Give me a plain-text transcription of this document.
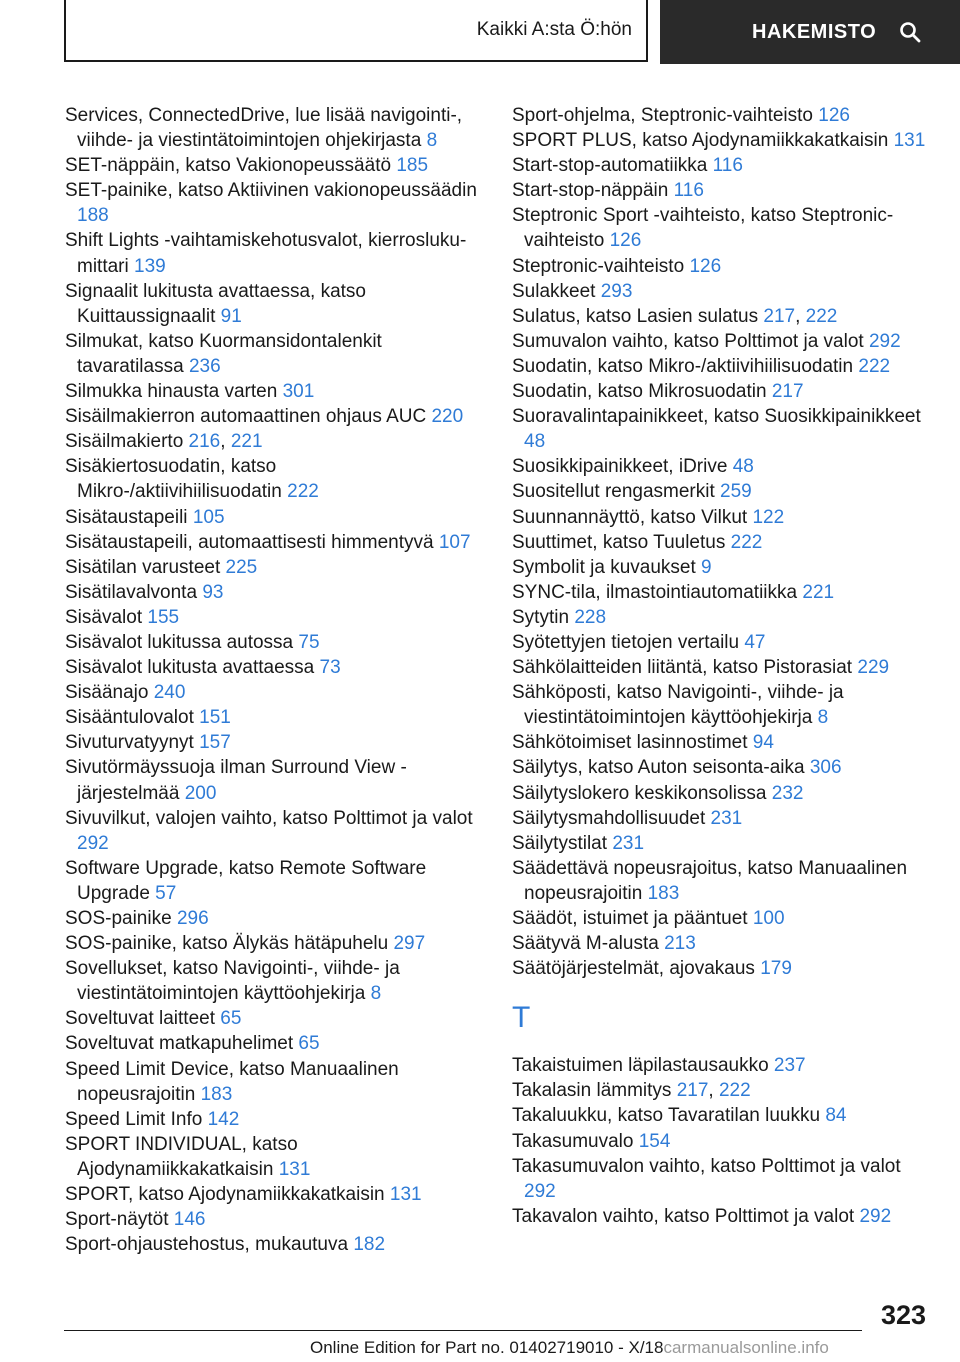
Kaikki A:sta Ö:hön	HAKEMISTO

Services, ConnectedDrive, lue lisää navigointi-, viihde- ja viestintätoimintojen ohjekirjasta 8

SET-näppäin, katso Vakionopeussäätö 185

SET-painike, katso Aktiivinen vakionopeussäädin 188

Shift Lights -vaihtamiskehotusvalot, kierrosluku-mittari 139

Signaalit lukitusta avattaessa, katso Kuittaussignaalit 91

Silmukat, katso Kuormansidontalenkit tavaratilassa 236

Silmukka hinausta varten 301

Sisäilmakierron automaattinen ohjaus AUC 220

Sisäilmakierto 216, 221

Sisäkiertosuodatin, katso Mikro-/aktiivihiilisuodatin 222

Sisätaustapeili 105

Sisätaustapeili, automaattisesti himmentyvä 107

Sisätilan varusteet 225

Sisätilavalvonta 93

Sisävalot 155

Sisävalot lukitussa autossa 75

Sisävalot lukitusta avattaessa 73

Sisäänajo 240

Sisääntulovalot 151

Sivuturvatyynyt 157

Sivutörmäyssuoja ilman Surround View -järjestelmää 200

Sivuvilkut, valojen vaihto, katso Polttimot ja valot 292

Software Upgrade, katso Remote Software Upgrade 57

SOS-painike 296

SOS-painike, katso Älykäs hätäpuhelu 297

Sovellukset, katso Navigointi-, viihde- ja viestintätoimintojen käyttöohjekirja 8

Soveltuvat laitteet 65

Soveltuvat matkapuhelimet 65

Speed Limit Device, katso Manuaalinen nopeusrajoitin 183

Speed Limit Info 142

SPORT INDIVIDUAL, katso Ajodynamiikkakatkaisin 131

SPORT, katso Ajodynamiikkakatkaisin 131

Sport-näytöt 146

Sport-ohjaustehostus, mukautuva 182

Sport-ohjelma, Steptronic-vaihteisto 126

SPORT PLUS, katso Ajodynamiikkakatkaisin 131

Start-stop-automatiikka 116

Start-stop-näppäin 116

Steptronic Sport -vaihteisto, katso Steptronic-vaihteisto 126

Steptronic-vaihteisto 126

Sulakkeet 293

Sulatus, katso Lasien sulatus 217, 222

Sumuvalon vaihto, katso Polttimot ja valot 292

Suodatin, katso Mikro-/aktiivihiilisuodatin 222

Suodatin, katso Mikrosuodatin 217

Suoravalintapainikkeet, katso Suosikkipainikkeet 48

Suosikkipainikkeet, iDrive 48

Suositellut rengasmerkit 259

Suunnannäyttö, katso Vilkut 122

Suuttimet, katso Tuuletus 222

Symbolit ja kuvaukset 9

SYNC-tila, ilmastointiautomatiikka 221

Sytytin 228

Syötettyjen tietojen vertailu 47

Sähkölaitteiden liitäntä, katso Pistorasiat 229

Sähköposti, katso Navigointi-, viihde- ja viestintätoimintojen käyttöohjekirja 8

Sähkötoimiset lasinnostimet 94

Säilytys, katso Auton seisonta-aika 306

Säilytyslokero keskikonsolissa 232

Säilytysmahdollisuudet 231

Säilytystilat 231

Säädettävä nopeusrajoitus, katso Manuaalinen nopeusrajoitin 183

Säädöt, istuimet ja pääntuet 100

Säätyvä M-alusta 213

Säätöjärjestelmät, ajovakaus 179

T

Takaistuimen läpilastausaukko 237

Takalasin lämmitys 217, 222

Takaluukku, katso Tavaratilan luukku 84

Takasumuvalo 154

Takasumuvalon vaihto, katso Polttimot ja valot 292

Takavalon vaihto, katso Polttimot ja valot 292

323
Online Edition for Part no. 01402719010 - X/18carmanualsonline.info
